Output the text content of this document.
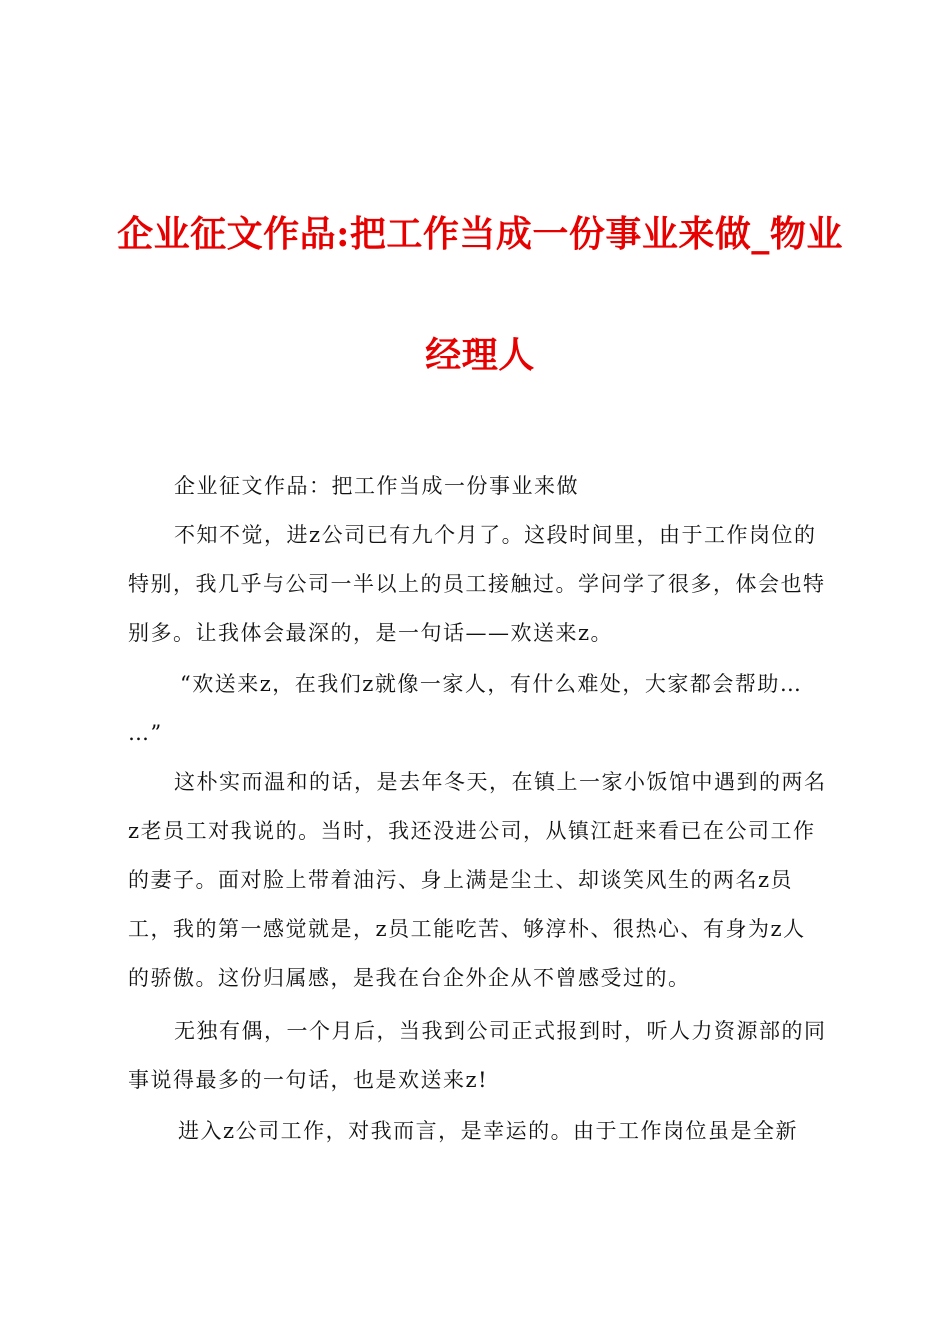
企业征文作品:把工作当成一份事业来做_物业
经理人
企业征文作品：把工作当成一份事业来做
不知不觉，进z公司已有九个月了。这段时间里，由于工作岗位的
特别，我几乎与公司一半以上的员工接触过。学问学了很多，体会也特
别多。让我体会最深的，是一句话——欢送来z。
“欢送来z，在我们z就像一家人，有什么难处，大家都会帮助…
…”
这朴实而温和的话，是去年冬天，在镇上一家小饭馆中遇到的两名
z老员工对我说的。当时，我还没进公司，从镇江赶来看已在公司工作
的妻子。面对脸上带着油污、身上满是尘土、却谈笑风生的两名z员
工，我的第一感觉就是，z员工能吃苦、够淳朴、很热心、有身为z人
的骄傲。这份归属感，是我在台企外企从不曾感受过的。
无独有偶，一个月后，当我到公司正式报到时，听人力资源部的同
事说得最多的一句话，也是欢送来z!
进入z公司工作，对我而言，是幸运的。由于工作岗位虽是全新
